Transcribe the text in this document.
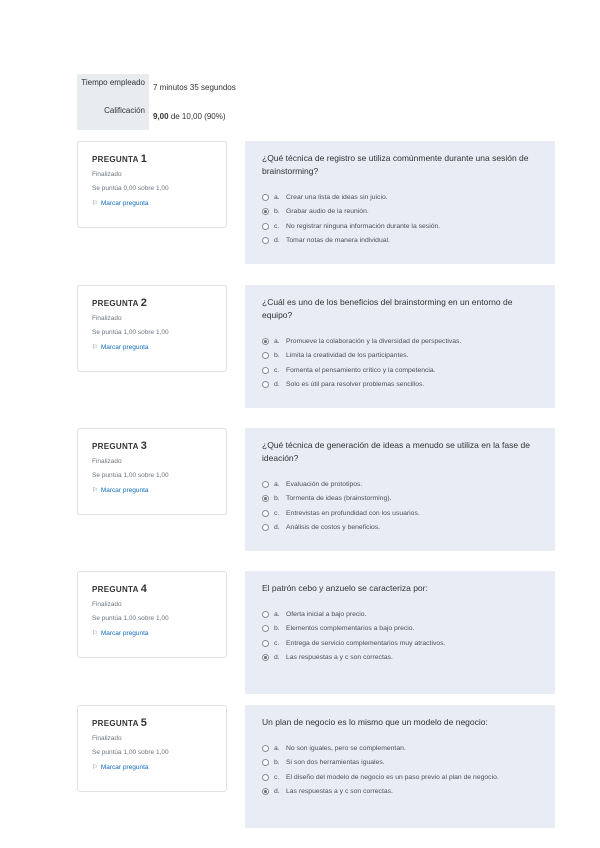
Tiempo empleado
7 minutos 35 segundos
Calificación
9,00 de 10,00 (90%)
PREGUNTA 1
Finalizado
Se puntúa 0,00 sobre 1,00
⚐ Marcar pregunta
¿Qué técnica de registro se utiliza comúnmente durante una sesión de brainstorming?
a. Crear una lista de ideas sin juicio.
b. Grabar audio de la reunión.
c. No registrar ninguna información durante la sesión.
d. Tomar notas de manera individual.
PREGUNTA 2
Finalizado
Se puntúa 1,00 sobre 1,00
⚐ Marcar pregunta
¿Cuál es uno de los beneficios del brainstorming en un entorno de equipo?
a. Promueve la colaboración y la diversidad de perspectivas.
b. Limita la creatividad de los participantes.
c. Fomenta el pensamiento crítico y la competencia.
d. Solo es útil para resolver problemas sencillos.
PREGUNTA 3
Finalizado
Se puntúa 1,00 sobre 1,00
⚐ Marcar pregunta
¿Qué técnica de generación de ideas a menudo se utiliza en la fase de ideación?
a. Evaluación de prototipos.
b. Tormenta de ideas (brainstorming).
c. Entrevistas en profundidad con los usuarios.
d. Análisis de costos y beneficios.
PREGUNTA 4
Finalizado
Se puntúa 1,00 sobre 1,00
⚐ Marcar pregunta
El patrón cebo y anzuelo se caracteriza por:
a. Oferta inicial a bajo precio.
b. Elementos complementarios a bajo precio.
c. Entrega de servicio complementarios muy atractivos.
d. Las respuestas a y c son correctas.
PREGUNTA 5
Finalizado
Se puntúa 1,00 sobre 1,00
⚐ Marcar pregunta
Un plan de negocio es lo mismo que un modelo de negocio:
a. No son iguales, pero se complementan.
b. Si son dos herramientas iguales.
c. El diseño del modelo de negocio es un paso previo al plan de negocio.
d. Las respuestas a y c son correctas.
